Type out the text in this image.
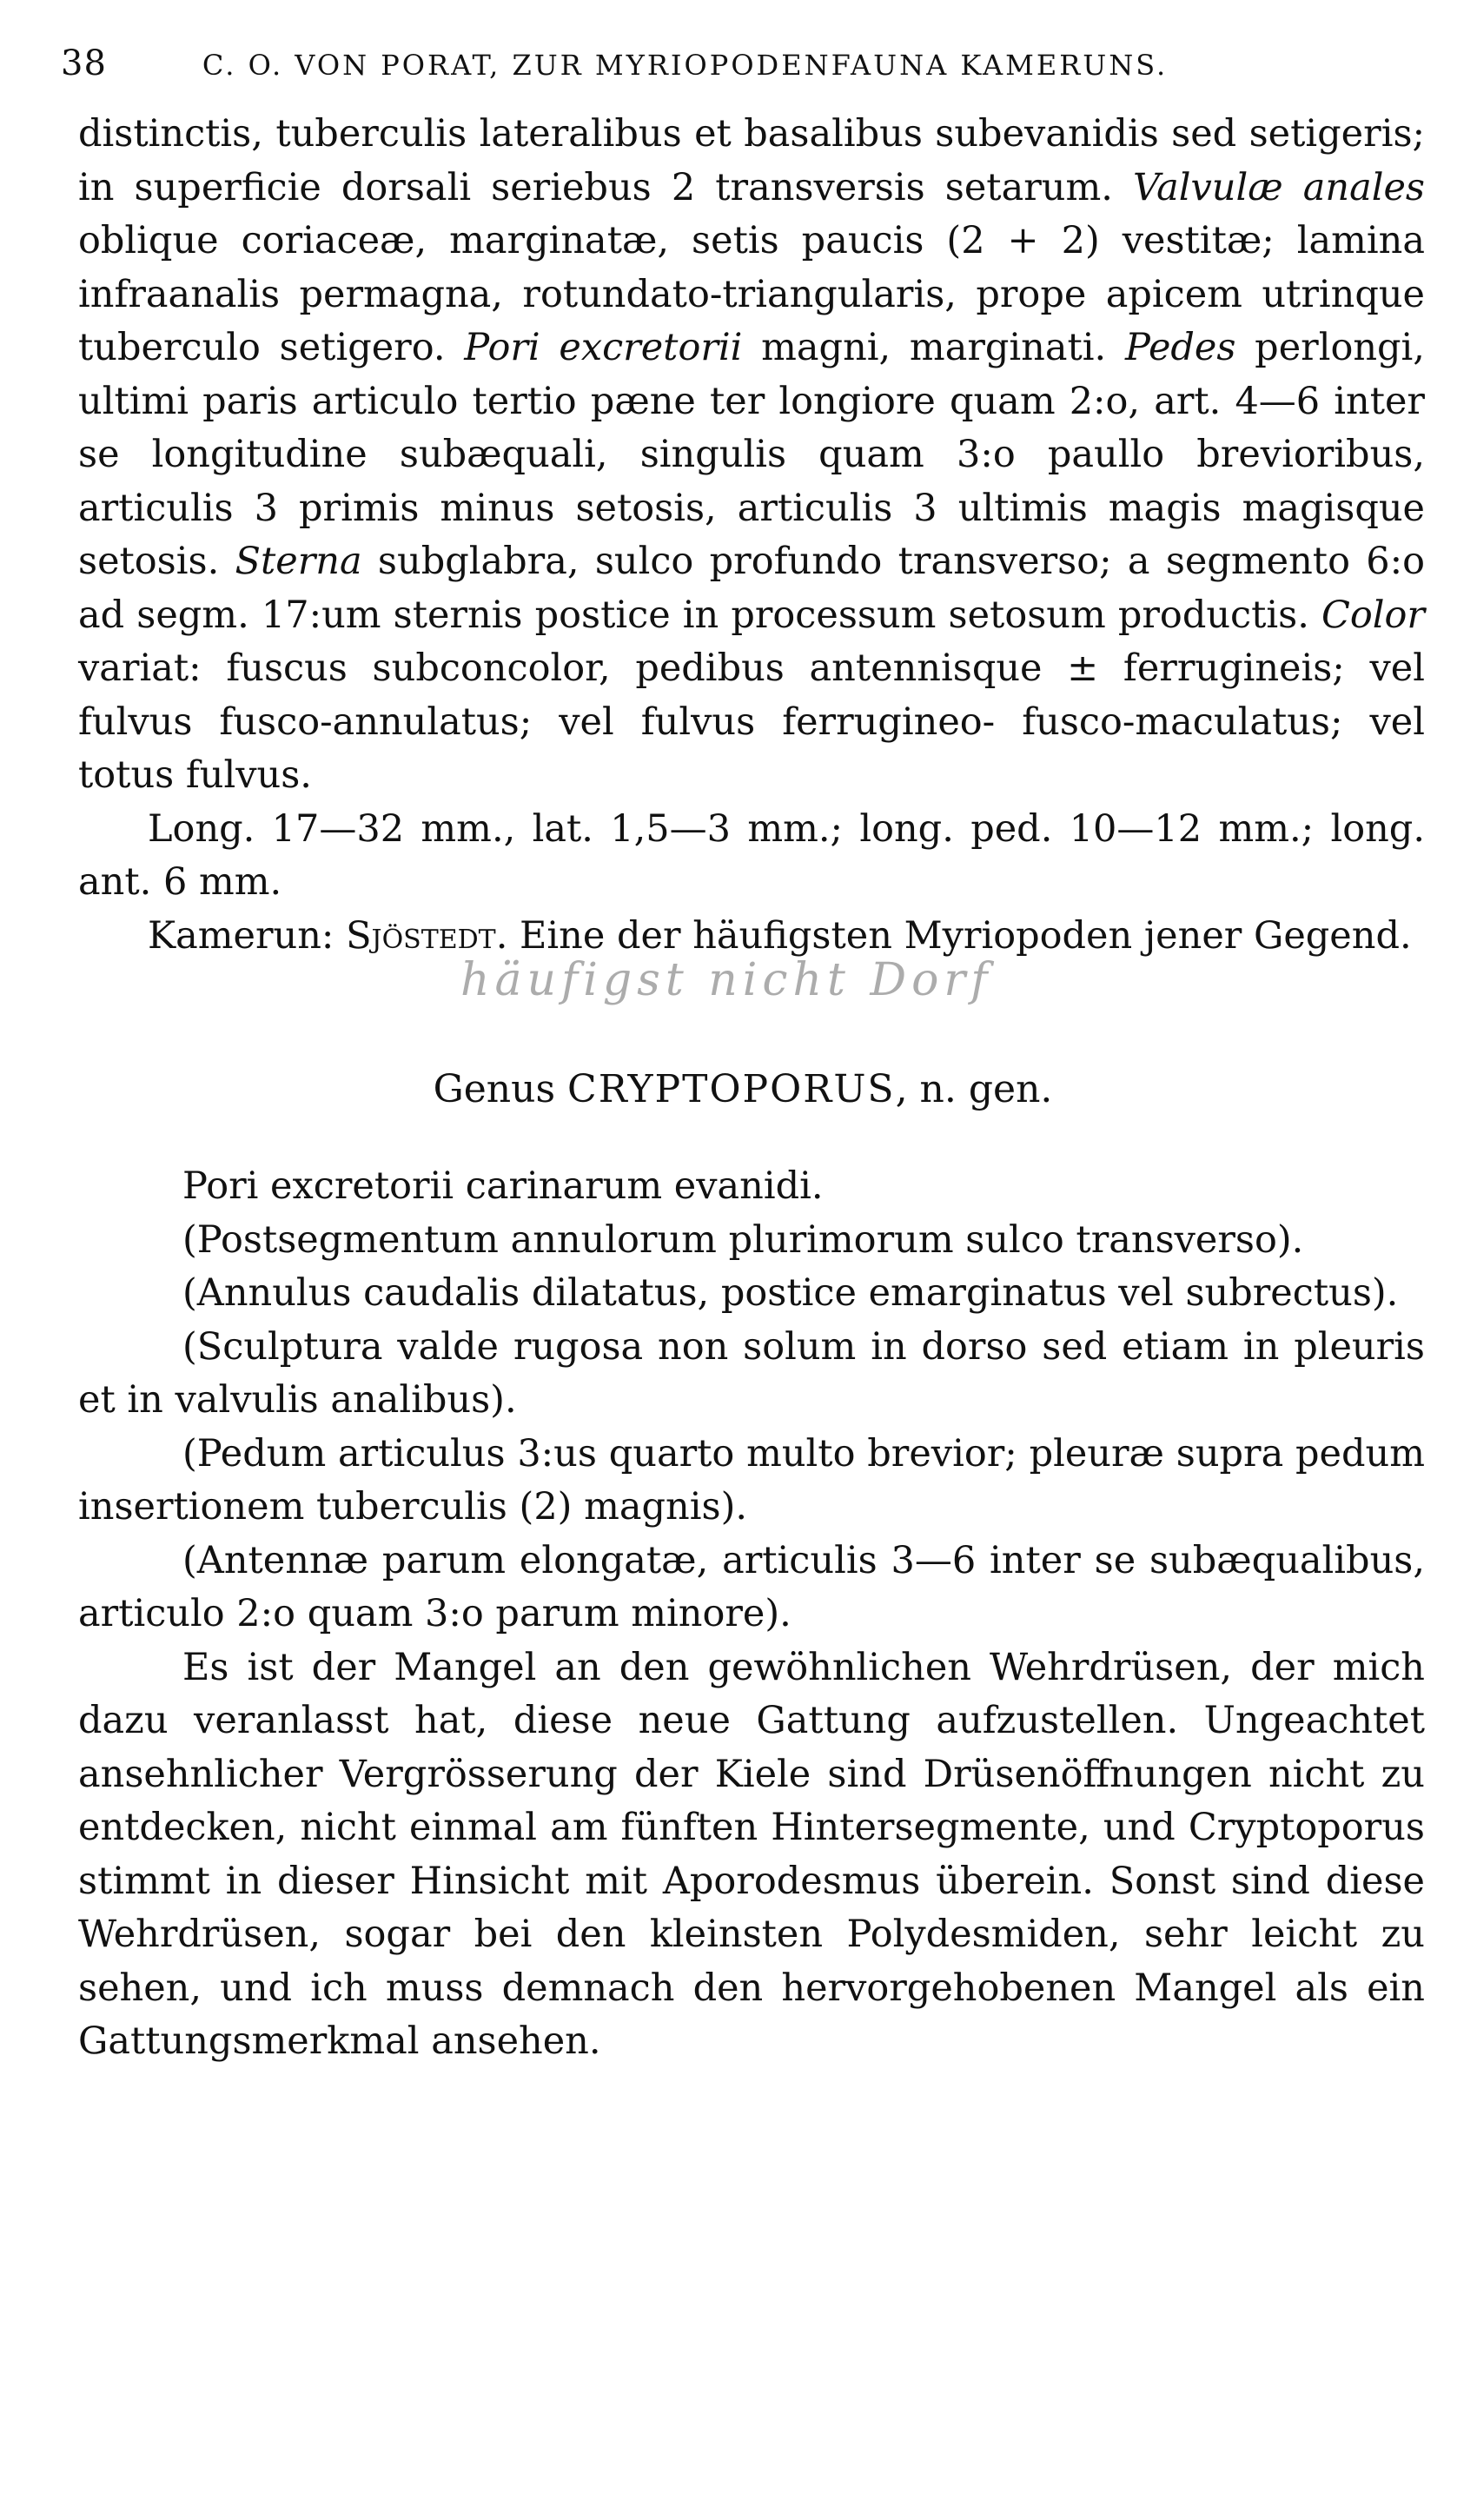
38	C. O. VON PORAT, ZUR MYRIOPODENFAUNA KAMERUNS.

distinctis, tuberculis lateralibus et basalibus subevanidis sed setigeris; in superficie dorsali seriebus 2 transversis setarum. Valvulæ anales oblique coriaceæ, marginatæ, setis paucis (2 + 2) vestitæ; lamina infraanalis permagna, rotundato-triangularis, prope apicem utrinque tuberculo setigero. Pori excretorii magni, marginati. Pedes perlongi, ultimi paris articulo tertio pæne ter longiore quam 2:o, art. 4—6 inter se longitudine subæquali, singulis quam 3:o paullo brevioribus, articulis 3 primis minus setosis, articulis 3 ultimis magis magisque setosis. Sterna subglabra, sulco profundo transverso; a segmento 6:o ad segm. 17:um sternis postice in processum setosum productis. Color variat: fuscus subconcolor, pedibus antennisque ± ferrugineis; vel fulvus fusco-annulatus; vel fulvus ferrugineo- fusco-maculatus; vel totus fulvus.

Long. 17—32 mm., lat. 1,5—3 mm.; long. ped. 10—12 mm.; long. ant. 6 mm.

Kamerun: Sjöstedt. Eine der häufigsten Myriopoden jener Gegend.

häufigst nicht Dorf
Genus CRYPTOPORUS, n. gen.

Pori excretorii carinarum evanidi.

(Postsegmentum annulorum plurimorum sulco transverso).

(Annulus caudalis dilatatus, postice emarginatus vel subrectus).

(Sculptura valde rugosa non solum in dorso sed etiam in pleuris et in valvulis analibus).

(Pedum articulus 3:us quarto multo brevior; pleuræ supra pedum insertionem tuberculis (2) magnis).

(Antennæ parum elongatæ, articulis 3—6 inter se subæqualibus, articulo 2:o quam 3:o parum minore).

Es ist der Mangel an den gewöhnlichen Wehrdrüsen, der mich dazu veranlasst hat, diese neue Gattung aufzustellen. Ungeachtet ansehnlicher Vergrösserung der Kiele sind Drüsenöffnungen nicht zu entdecken, nicht einmal am fünften Hintersegmente, und Cryptoporus stimmt in dieser Hinsicht mit Aporodesmus überein. Sonst sind diese Wehrdrüsen, sogar bei den kleinsten Polydesmiden, sehr leicht zu sehen, und ich muss demnach den hervorgehobenen Mangel als ein Gattungsmerkmal ansehen.
